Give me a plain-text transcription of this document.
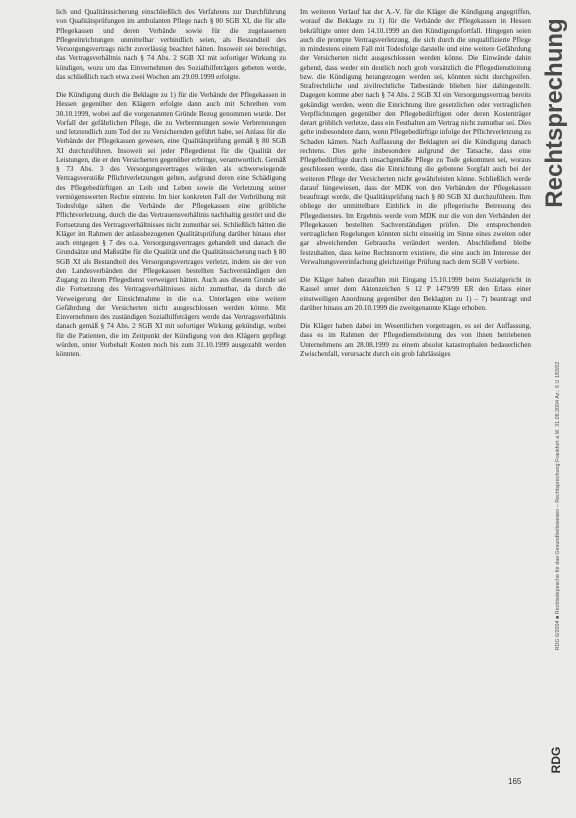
lich und Qualitätssicherung einschließlich des Verfahrens zur Durchführung von Qualitätsprüfungen im ambulanten Pflege nach § 80 SGB XI, die für alle Pflegekassen und deren Verbände sowie für die zugelassenen Pflegeeinrichtungen unmittelbar verbindlich seien, als Bestandteil des Versorgungsvertrags nicht zuverlässig beachtet hätten. Insoweit sei berechtigt, das Vertragsverhältnis nach § 74 Abs. 2 SGB XI mit sofortiger Wirkung zu kündigen, wozu um das Einvernehmen des Sozialhilfeträgers gebeten werde, das schließlich nach etwa zwei Wochen am 29.09.1999 erfolgte.

Die Kündigung durch die Beklagte zu 1) für die Verbände der Pflegekassen in Hessen gegenüber den Klägern erfolgte dann auch mit Schreiben vom 30.10.1999, wobei auf die vorgenannten Gründe Bezug genommen wurde. Der Vorfall der gefährlichen Pflege, die zu Verbrennungen sowie Verbrennungen und letztendlich zum Tod der zu Versichernden geführt habe, sei Anlass für die Verbände der Pflegekassen gewesen, eine Qualitätsprüfung gemäß § 80 SGB XI durchzuführen. Insoweit sei jeder Pflegedienst für die Qualität der Leistungen, die er den Versicherten gegenüber erbringe, verantwortlich. Gemäß § 73 Abs. 3 des Versorgungsvertrages würden als schwerwiegende Vertragsverstöße Pflichtverletzungen gelten, aufgrund deren eine Schädigung des Pflegebedürftigen an Leib und Leben sowie die Verletzung seiner vermögenswerten Rechte eintrete. Im hier konkreten Fall der Verbrühung mit Todesfolge sähen die Verbände der Pflegekassen eine gröbliche Pflichtverletzung, durch die das Vertrauensverhältnis nachhaltig gestört und die Fortsetzung des Vertragsverhältnisses nicht zumutbar sei. Schließlich hätten die Kläger im Rahmen der anlassbezogenen Qualitätsprüfung darüber hinaus eher auch entgegen § 7 des o.a. Versorgungsvertrages gehandelt und danach die Grundsätze und Maßstäbe für die Qualität und die Qualitätssicherung nach § 80 SGB XI als Bestandteil des Versorgungsvertrages verletzt, indem sie der von den Landesverbänden der Pflegekassen bestellten Sachverständigen den Zugang zu ihrem Pflegedienst verweigert hätten. Auch aus diesem Grunde sei die Fortsetzung des Vertragsverhältnisses nicht zumutbar, da durch die Verweigerung der Einsichtnahme in die o.a. Unterlagen eine weitere Gefährdung der Versicherten nicht ausgeschlossen werden könne. Mit Einvernehmen des zuständigen Sozialhilfeträgers werde das Vertragsverhältnis danach gemäß § 74 Abs. 2 SGB XI mit sofortiger Wirkung gekündigt, wobei für die Patienten, die im Zeitpunkt der Kündigung von den Klägern gepflegt würden, unter Vorbehalt Kosten noch bis zum 31.10.1999 ausgezahlt werden könnten.

Im weiteren Verlauf hat der A.-V. für die Kläger die Kündigung angegriffen, worauf die Beklagte zu 1) für die Verbände der Pflegekassen in Hessen bekräftigte unter dem 14.10.1999 an den Kündigungsfortfall. Hingegen seien auch die prompte Vertragsverletzung, die sich durch die unqualifizierte Pflege in mindestens einem Fall mit Todesfolge darstelle und eine weitere Gefährdung der Versicherten nicht ausgeschlossen werden könne. Die Einwände dahin gehend, dass weder ein deutlich noch grob vorsätzlich die Pflegedienstleitung bzw. die Kündigung herangezogen werden sei, könnten nicht durchgreifen. Strafrechtliche und zivilrechtliche Tatbestände blieben hier dahingestellt. Dagegen komme aber nach § 74 Abs. 2 SGB XI ein Versorgungsvertrag bereits gekündigt werden, wenn die Einrichtung ihre gesetzlichen oder vertraglichen Verpflichtungen gegenüber den Pflegebedürftigen oder deren Kostenträger derart gröblich verletze, dass ein Festhalten am Vertrag nicht zumutbar sei. Dies gelte insbesondere dann, wenn Pflegebedürftige infolge der Pflichtverletzung zu Schaden kämen. Nach Auffassung der Beklagten sei die Kündigung danach rechtens. Dies gelte insbesondere aufgrund der Tatsache, dass eine Pflegebedürftige durch unsachgemäße Pflege zu Tode gekommen sei, woraus geschlossen werde, dass die Einrichtung die gebotene Sorgfalt auch bei der weiteren Pflege der Versicherten nicht gewährleisten könne. Schließlich werde darauf hingewiesen, dass der MDK von den Verbänden der Pflegekassen beauftragt werde, die Qualitätsprüfung nach § 80 SGB XI durchzuführen. Ihm obliege der unmittelbare Einblick in die pflegerische Betreuung des Pflegedienstes. Im Ergebnis werde vom MDK nur die von den Verbänden der Pflegekassen bestellten Sachverständigen prüfen. Die entsprechenden vertraglichen Regelungen könnten nicht einseitig im Sinne eines zweiten oder gar abweichenden Gebrauchs verändert werden. Abschließend bleibe festzuhalten, dass keine Rechtsnorm existiere, die eine auch im Interesse der Verwaltungsvereinfachung gleichzeitige Prüfung nach dem SGB V verbiete.

Die Kläger haben daraufhin mit Eingang 15.10.1999 beim Sozialgericht in Kassel unter dem Aktenzeichen S 12 P 1479/99 ER den Erlass einer einstweiligen Anordnung gegenüber den Beklagten zu 1) – 7) beantragt und darüber hinaus am 20.10.1999 die zweitgenannte Klage erhoben.

Die Kläger haben dabei im Wesentlichen vorgetragen, es sei der Auffassung, dass es im Rahmen der Pflegedienstleistung des von ihnen betriebenen Unternehmens am 28.08.1999 zu einem absolut katastrophalen bedauerlichen Zwischenfall, verursacht durch ein grob fahrlässiges

Rechtsprechung
RDG 6/2004 ■ Rechtsdepesche für das Gesundheitswesen – Rechtsprechung Frankfurt a.M. 31.08.2004 Az.: 6 U 183/02
RDG
165
